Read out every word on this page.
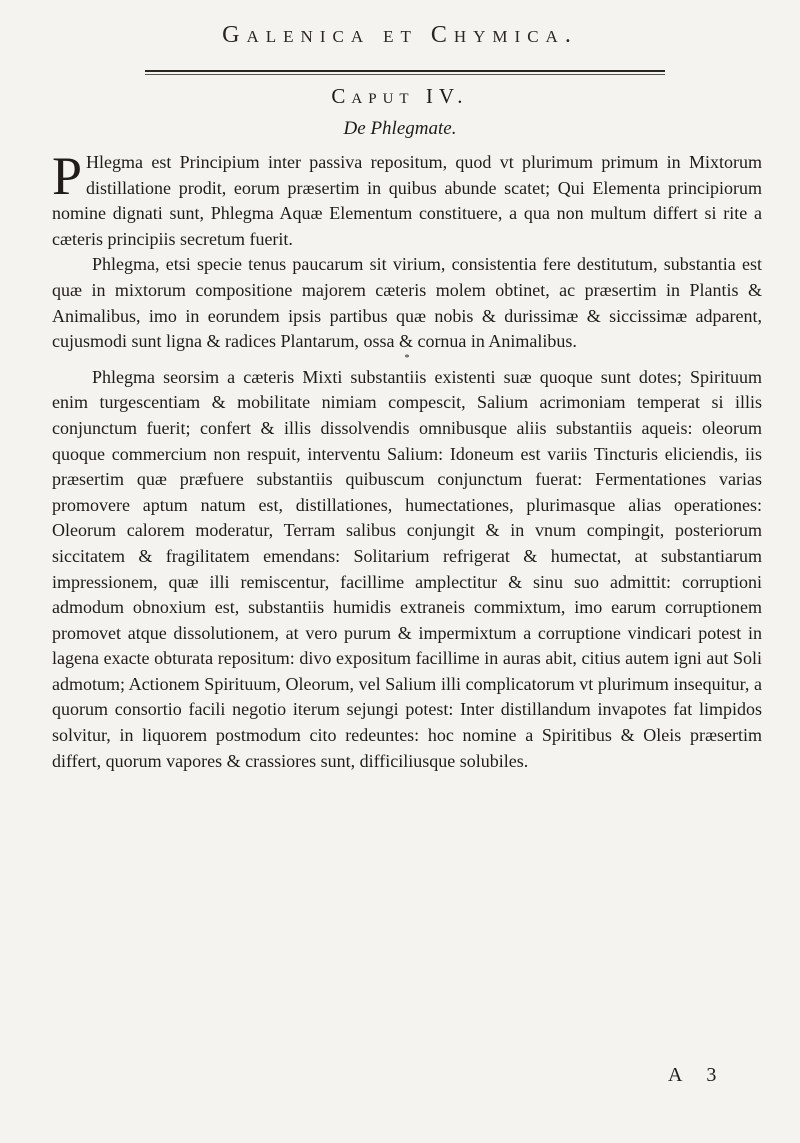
Galenica et Chymica.
Caput IV.
De Phlegmate.

P Hlegma est Principium inter passiva repositum, quod vt plurimum primum in Mixtorum distillatione prodit, eorum præsertim in quibus abunde scatet; Qui Elementa principiorum nomine dignati sunt, Phlegma Aquæ Elementum constituere, a qua non multum differt si rite a cæteris principiis secretum fuerit.

Phlegma, etsi specie tenus paucarum sit virium, consistentia fere destitutum, substantia est quæ in mixtorum compositione majorem cæteris molem obtinet, ac præsertim in Plantis & Animalibus, imo in eorundem ipsis partibus quæ nobis & durissimæ & siccissimæ adparent, cujusmodi sunt ligna & radices Plantarum, ossa & cornua in Animalibus.

*

Phlegma seorsim a cæteris Mixti substantiis existenti suæ quoque sunt dotes; Spirituum enim turgescentiam & mobilitate nimiam compescit, Salium acrimoniam temperat si illis conjunctum fuerit; confert & illis dissolvendis omnibusque aliis substantiis aqueis: oleorum quoque commercium non respuit, interventu Salium: Idoneum est variis Tincturis eliciendis, iis præsertim quæ præfuere substantiis quibuscum conjunctum fuerat: Fermentationes varias promovere aptum natum est, distillationes, humectationes, plurimasque alias operationes: Oleorum calorem moderatur, Terram salibus conjungit & in vnum compingit, posteriorum siccitatem & fragilitatem emendans: Solitarium refrigerat & humectat, at substantiarum impressionem, quæ illi remiscentur, facillime amplectitur & sinu suo admittit: corruptioni admodum obnoxium est, substantiis humidis extraneis commixtum, imo earum corruptionem promovet atque dissolutionem, at vero purum & impermixtum a corruptione vindicari potest in lagena exacte obturata repositum: divo expositum facillime in auras abit, citius autem igni aut Soli admotum; Actionem Spirituum, Oleorum, vel Salium illi complicatorum vt plurimum insequitur, a quorum consortio facili negotio iterum sejungi potest: Inter distillandum invapotes fat limpidos solvitur, in liquorem postmodum cito redeuntes: hoc nomine a Spiritibus & Oleis præsertim differt, quorum vapores & crassiores sunt, difficiliusque solubiles.

A 3
